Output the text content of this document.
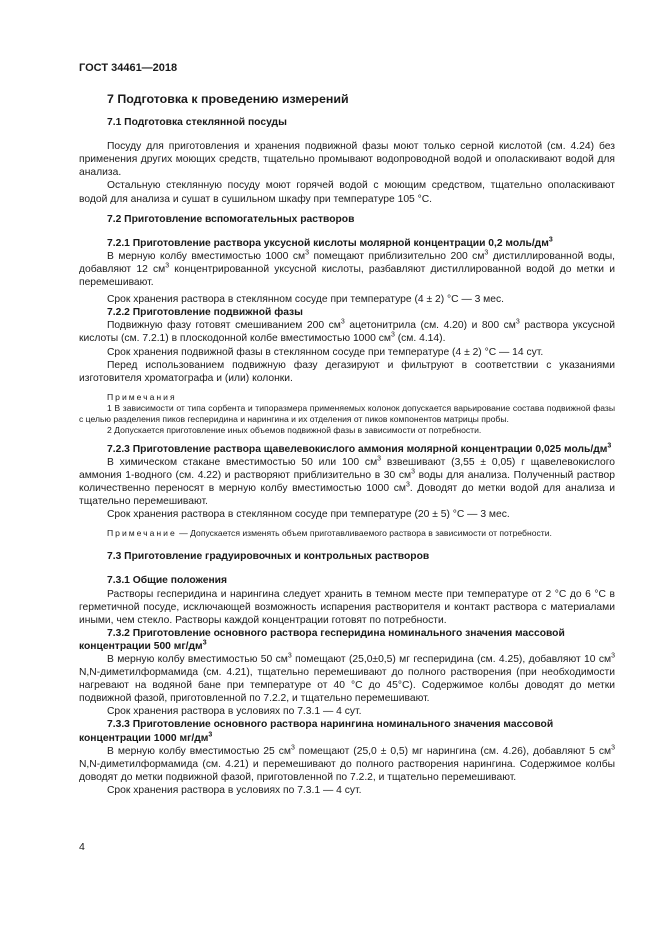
ГОСТ 34461—2018
7 Подготовка к проведению измерений
7.1 Подготовка стеклянной посуды

Посуду для приготовления и хранения подвижной фазы моют только серной кислотой (см. 4.24) без применения других моющих средств, тщательно промывают водопроводной водой и ополаскивают водой для анализа.

Остальную стеклянную посуду моют горячей водой с моющим средством, тщательно ополаскивают водой для анализа и сушат в сушильном шкафу при температуре 105 °С.

7.2 Приготовление вспомогательных растворов
7.2.1 Приготовление раствора уксусной кислоты молярной концентрации 0,2 моль/$дм^3$

В мерную колбу вместимостью 1000 $см^3$ помещают приблизительно 200 $см^3$ дистиллированной воды, добавляют 12 $см^3$ концентрированной уксусной кислоты, разбавляют дистиллированной водой до метки и перемешивают.

Срок хранения раствора в стеклянном сосуде при температуре (4 ± 2) °С — 3 мес.

7.2.2 Приготовление подвижной фазы

Подвижную фазу готовят смешиванием 200 $см^3$ ацетонитрила (см. 4.20) и 800 $см^3$ раствора уксусной кислоты (см. 7.2.1) в плоскодонной колбе вместимостью 1000 $см^3$ (см. 4.14).

Срок хранения подвижной фазы в стеклянном сосуде при температуре (4 ± 2) °С — 14 сут.

Перед использованием подвижную фазу дегазируют и фильтруют в соответствии с указаниями изготовителя хроматографа и (или) колонки.

Примечания

1 В зависимости от типа сорбента и типоразмера применяемых колонок допускается варьирование состава подвижной фазы с целью разделения пиков гесперидина и нарингина и их отделения от пиков компонентов матрицы пробы.

2 Допускается приготовление иных объемов подвижной фазы в зависимости от потребности.

7.2.3 Приготовление раствора щавелевокислого аммония молярной концентрации 0,025 моль/$дм^3$

В химическом стакане вместимостью 50 или 100 $см^3$ взвешивают (3,55 ± 0,05) г щавелевокислого аммония 1-водного (см. 4.22) и растворяют приблизительно в 30 $см^3$ воды для анализа. Полученный раствор количественно переносят в мерную колбу вместимостью 1000 $см^3$. Доводят до метки водой для анализа и тщательно перемешивают.

Срок хранения раствора в стеклянном сосуде при температуре (20 ± 5) °С — 3 мес.

Примечание — Допускается изменять объем приготавливаемого раствора в зависимости от потребности.

7.3 Приготовление градуировочных и контрольных растворов
7.3.1 Общие положения

Растворы гесперидина и нарингина следует хранить в темном месте при температуре от 2 °С до 6 °С в герметичной посуде, исключающей возможность испарения растворителя и контакт раствора с материалами иными, чем стекло. Растворы каждой концентрации готовят по потребности.

7.3.2 Приготовление основного раствора гесперидина номинального значения массовой концентрации 500 $мг/дм^3$

В мерную колбу вместимостью 50 $см^3$ помещают (25,0±0,5) мг гесперидина (см. 4.25), добавляют 10 $см^3$ N,N-диметилформамида (см. 4.21), тщательно перемешивают до полного растворения (при необходимости нагревают на водяной бане при температуре от 40 °С до 45°С). Содержимое колбы доводят до метки подвижной фазой, приготовленной по 7.2.2, и тщательно перемешивают.

Срок хранения раствора в условиях по 7.3.1 — 4 сут.

7.3.3 Приготовление основного раствора нарингина номинального значения массовой концентрации 1000 $мг/дм^3$

В мерную колбу вместимостью 25 $см^3$ помещают (25,0 ± 0,5) мг нарингина (см. 4.26), добавляют 5 $см^3$ N,N-диметилформамида (см. 4.21) и перемешивают до полного растворения нарингина. Содержимое колбы доводят до метки подвижной фазой, приготовленной по 7.2.2, и тщательно перемешивают.

Срок хранения раствора в условиях по 7.3.1 — 4 сут.

4
